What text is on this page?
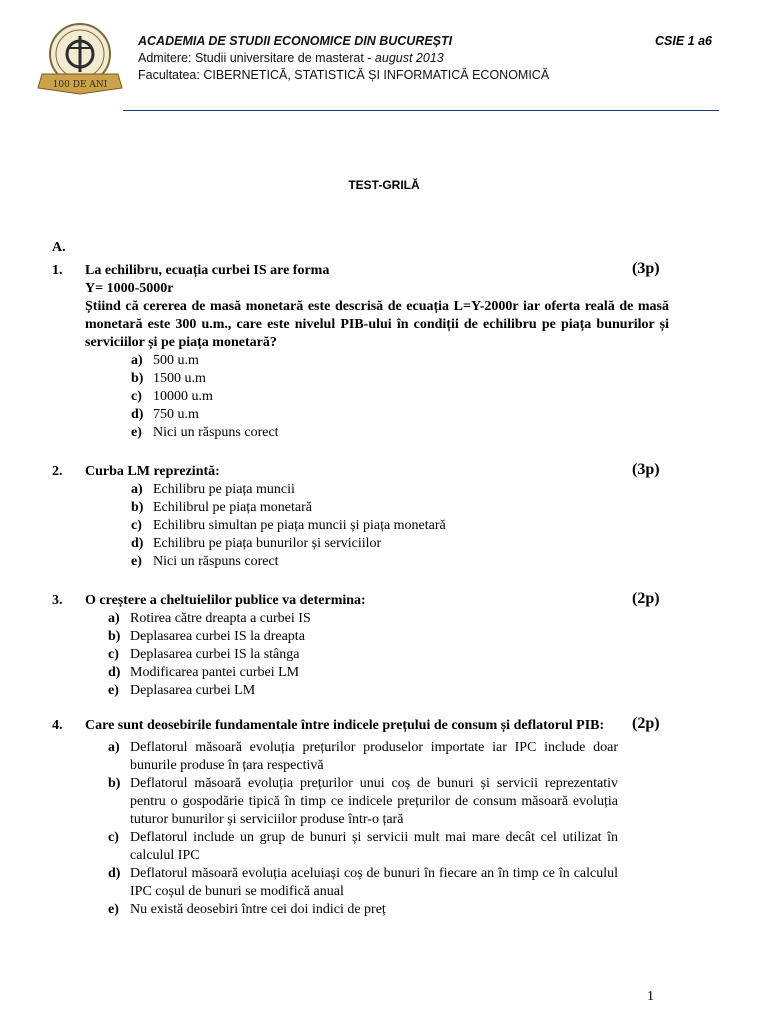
100 DE ANI
ACADEMIA DE STUDII ECONOMICE DIN BUCUREȘTI
Admitere: Studii universitare de masterat - august 2013
Facultatea: CIBERNETICĂ, STATISTICĂ ȘI INFORMATICĂ ECONOMICĂ
CSIE 1 a6
TEST-GRILĂ
A.
1.	(3p)
La echilibru, ecuația curbei IS are forma
Y= 1000-5000r
Știind că cererea de masă monetară este descrisă de ecuația L=Y-2000r iar oferta reală de masă monetară este 300 u.m., care este nivelul PIB-ului în condiții de echilibru pe piața bunurilor și serviciilor și pe piața monetară?
a) 500 u.m
b) 1500 u.m
c) 10000 u.m
d) 750 u.m
e) Nici un răspuns corect
2.	(3p)
Curba LM reprezintă:
a) Echilibru pe piața muncii
b) Echilibrul pe piața monetară
c) Echilibru simultan pe piața muncii și piața monetară
d) Echilibru pe piața bunurilor și serviciilor
e) Nici un răspuns corect
3.	(2p)
O creștere a cheltuielilor publice va determina:
a) Rotirea către dreapta a curbei IS
b) Deplasarea curbei IS la dreapta
c) Deplasarea curbei IS la stânga
d) Modificarea pantei curbei LM
e) Deplasarea curbei LM
4.	(2p)
Care sunt deosebirile fundamentale între indicele prețului de consum și deflatorul PIB:
a) Deflatorul măsoară evoluția prețurilor produselor importate iar IPC include doar bunurile produse în țara respectivă
b) Deflatorul măsoară evoluția prețurilor unui coș de bunuri și servicii reprezentativ pentru o gospodărie tipică în timp ce indicele prețurilor de consum măsoară evoluția tuturor bunurilor și serviciilor produse într-o țară
c) Deflatorul include un grup de bunuri și servicii mult mai mare decât cel utilizat în calculul IPC
d) Deflatorul măsoară evoluția aceluiași coș de bunuri în fiecare an în timp ce în calculul IPC coșul de bunuri se modifică anual
e) Nu există deosebiri între cei doi indici de preț
1
